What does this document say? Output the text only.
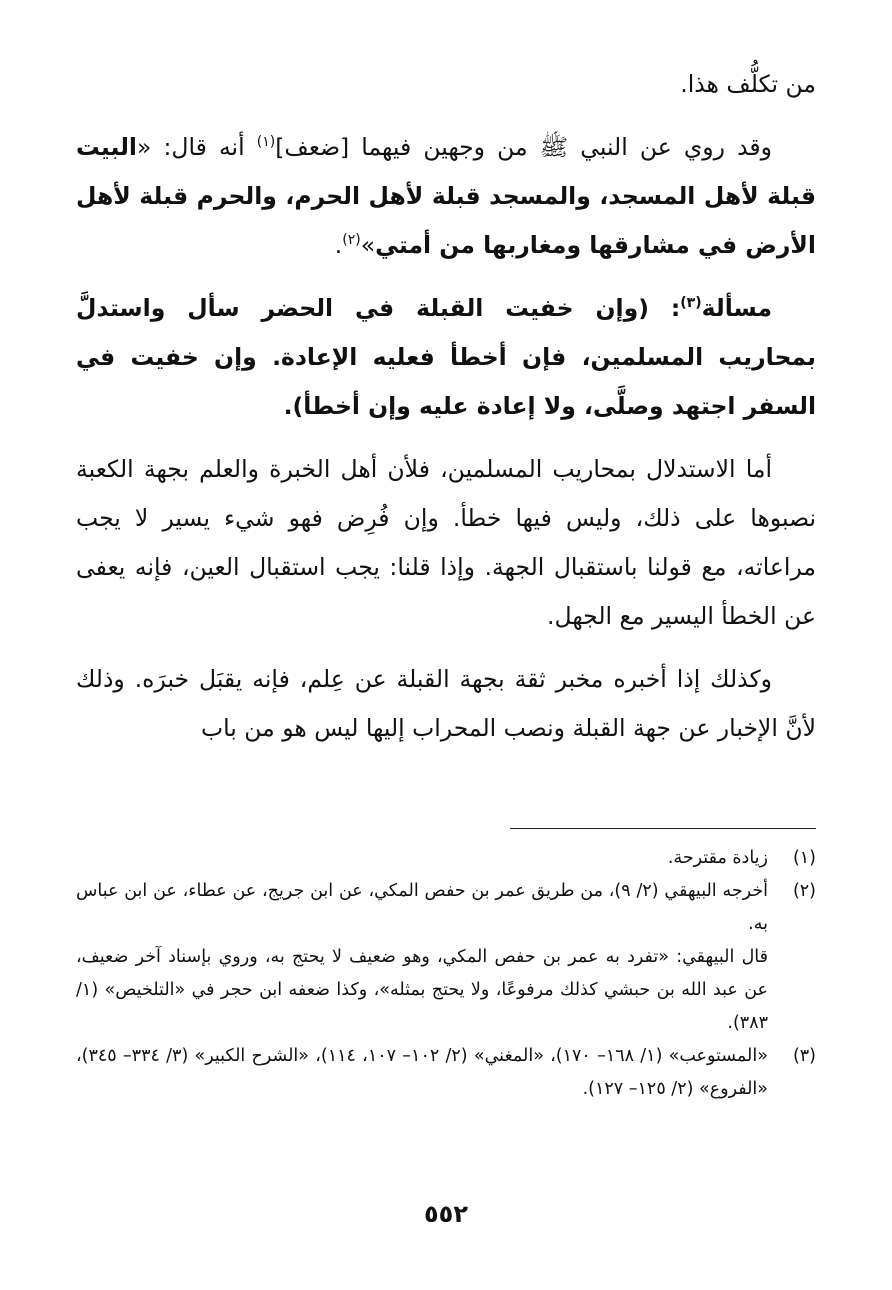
من تكلُّف هذا.

وقد روي عن النبي ﷺ من وجهين فيهما [ضعف]$^{(١)}$ أنه قال: «البيت قبلة لأهل المسجد، والمسجد قبلة لأهل الحرم، والحرم قبلة لأهل الأرض في مشارقها ومغاربها من أمتي»$^{(٢)}$.

مسألة$^{(٣)}$: (وإن خفيت القبلة في الحضر سأل واستدلَّ بمحاريب المسلمين، فإن أخطأ فعليه الإعادة. وإن خفيت في السفر اجتهد وصلَّى، ولا إعادة عليه وإن أخطأ).

أما الاستدلال بمحاريب المسلمين، فلأن أهل الخبرة والعلم بجهة الكعبة نصبوها على ذلك، وليس فيها خطأ. وإن فُرِض فهو شيء يسير لا يجب مراعاته، مع قولنا باستقبال الجهة. وإذا قلنا: يجب استقبال العين، فإنه يعفى عن الخطأ اليسير مع الجهل.

وكذلك إذا أخبره مخبر ثقة بجهة القبلة عن عِلم، فإنه يقبَل خبرَه. وذلك لأنَّ الإخبار عن جهة القبلة ونصب المحراب إليها ليس هو من باب

(١)
زيادة مقترحة.
(٢)
أخرجه البيهقي (٢/ ٩)، من طريق عمر بن حفص المكي، عن ابن جريج، عن عطاء، عن ابن عباس به.
قال البيهقي: «تفرد به عمر بن حفص المكي، وهو ضعيف لا يحتج به، وروي بإسناد آخر ضعيف، عن عبد الله بن حبشي كذلك مرفوعًا، ولا يحتج بمثله»، وكذا ضعفه ابن حجر في «التلخيص» (١/ ٣٨٣).
(٣)
«المستوعب» (١/ ١٦٨– ١٧٠)، «المغني» (٢/ ١٠٢– ١٠٧، ١١٤)، «الشرح الكبير» (٣/ ٣٣٤– ٣٤٥)، «الفروع» (٢/ ١٢٥– ١٢٧).
٥٥٢
